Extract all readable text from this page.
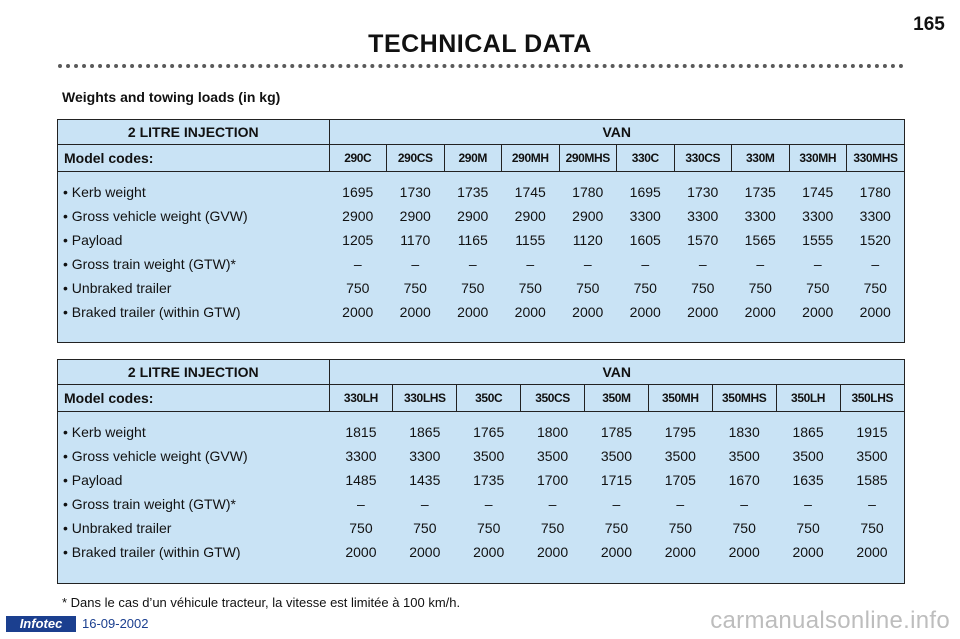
165
TECHNICAL DATA
Weights and towing loads (in kg)
2 LITRE INJECTION	VAN									
Model codes:	290C	290CS	290M	290MH	290MHS	330C	330CS	330M	330MH	330MHS

• Kerb weight	1695	1730	1735	1745	1780	1695	1730	1735	1745	1780
• Gross vehicle weight (GVW)	2900	2900	2900	2900	2900	3300	3300	3300	3300	3300
• Payload	1205	1170	1165	1155	1120	1605	1570	1565	1555	1520
• Gross train weight (GTW)*	–	–	–	–	–	–	–	–	–	–
• Unbraked trailer	750	750	750	750	750	750	750	750	750	750
• Braked trailer (within GTW)	2000	2000	2000	2000	2000	2000	2000	2000	2000	2000
2 LITRE INJECTION	VAN								
Model codes:	330LH	330LHS	350C	350CS	350M	350MH	350MHS	350LH	350LHS

• Kerb weight	1815	1865	1765	1800	1785	1795	1830	1865	1915
• Gross vehicle weight (GVW)	3300	3300	3500	3500	3500	3500	3500	3500	3500
• Payload	1485	1435	1735	1700	1715	1705	1670	1635	1585
• Gross train weight (GTW)*	–	–	–	–	–	–	–	–	–
• Unbraked trailer	750	750	750	750	750	750	750	750	750
• Braked trailer (within GTW)	2000	2000	2000	2000	2000	2000	2000	2000	2000
* Dans le cas d’un véhicule tracteur, la vitesse est limitée à 100 km/h.
Infotec	16-09-2002	carmanualsonline.info
